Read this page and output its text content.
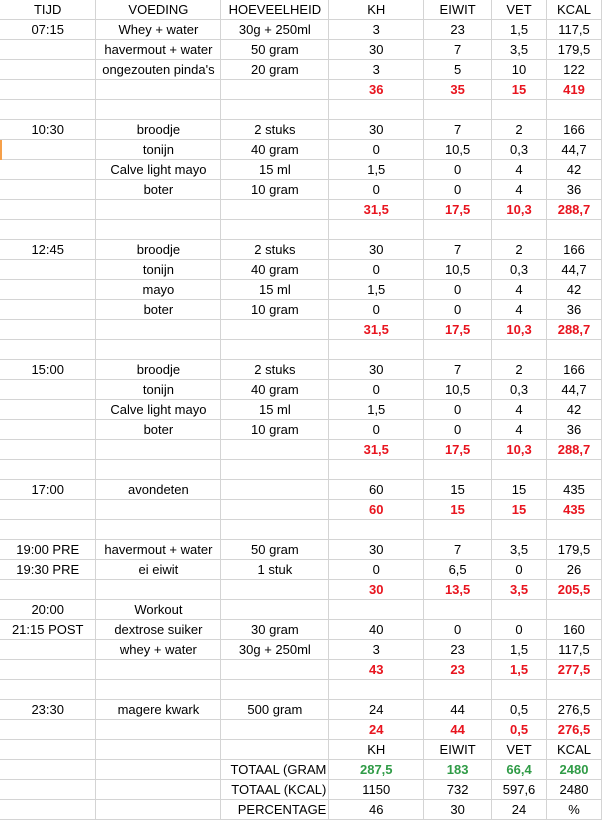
TIJD	VOEDING	HOEVEELHEID	KH	EIWIT	VET	KCAL
07:15	Whey + water	30g + 250ml	3	23	1,5	117,5
	havermout + water	50 gram	30	7	3,5	179,5
	ongezouten pinda's	20 gram	3	5	10	122
			36	35	15	419

10:30	broodje	2 stuks	30	7	2	166
	tonijn	40 gram	0	10,5	0,3	44,7
	Calve light mayo	15 ml	1,5	0	4	42
	boter	10 gram	0	0	4	36
			31,5	17,5	10,3	288,7

12:45	broodje	2 stuks	30	7	2	166
	tonijn	40 gram	0	10,5	0,3	44,7
	mayo	15 ml	1,5	0	4	42
	boter	10 gram	0	0	4	36
			31,5	17,5	10,3	288,7

15:00	broodje	2 stuks	30	7	2	166
	tonijn	40 gram	0	10,5	0,3	44,7
	Calve light mayo	15 ml	1,5	0	4	42
	boter	10 gram	0	0	4	36
			31,5	17,5	10,3	288,7

17:00	avondeten		60	15	15	435
			60	15	15	435

19:00 PRE	havermout + water	50 gram	30	7	3,5	179,5
19:30 PRE	ei eiwit	1 stuk	0	6,5	0	26
			30	13,5	3,5	205,5
20:00	Workout					
21:15 POST	dextrose suiker	30 gram	40	0	0	160
	whey + water	30g + 250ml	3	23	1,5	117,5
			43	23	1,5	277,5

23:30	magere kwark	500 gram	24	44	0,5	276,5
			24	44	0,5	276,5
			KH	EIWIT	VET	KCAL
		TOTAAL (GRAM	287,5	183	66,4	2480
		TOTAAL (KCAL)	1150	732	597,6	2480
		PERCENTAGE	46	30	24	%
